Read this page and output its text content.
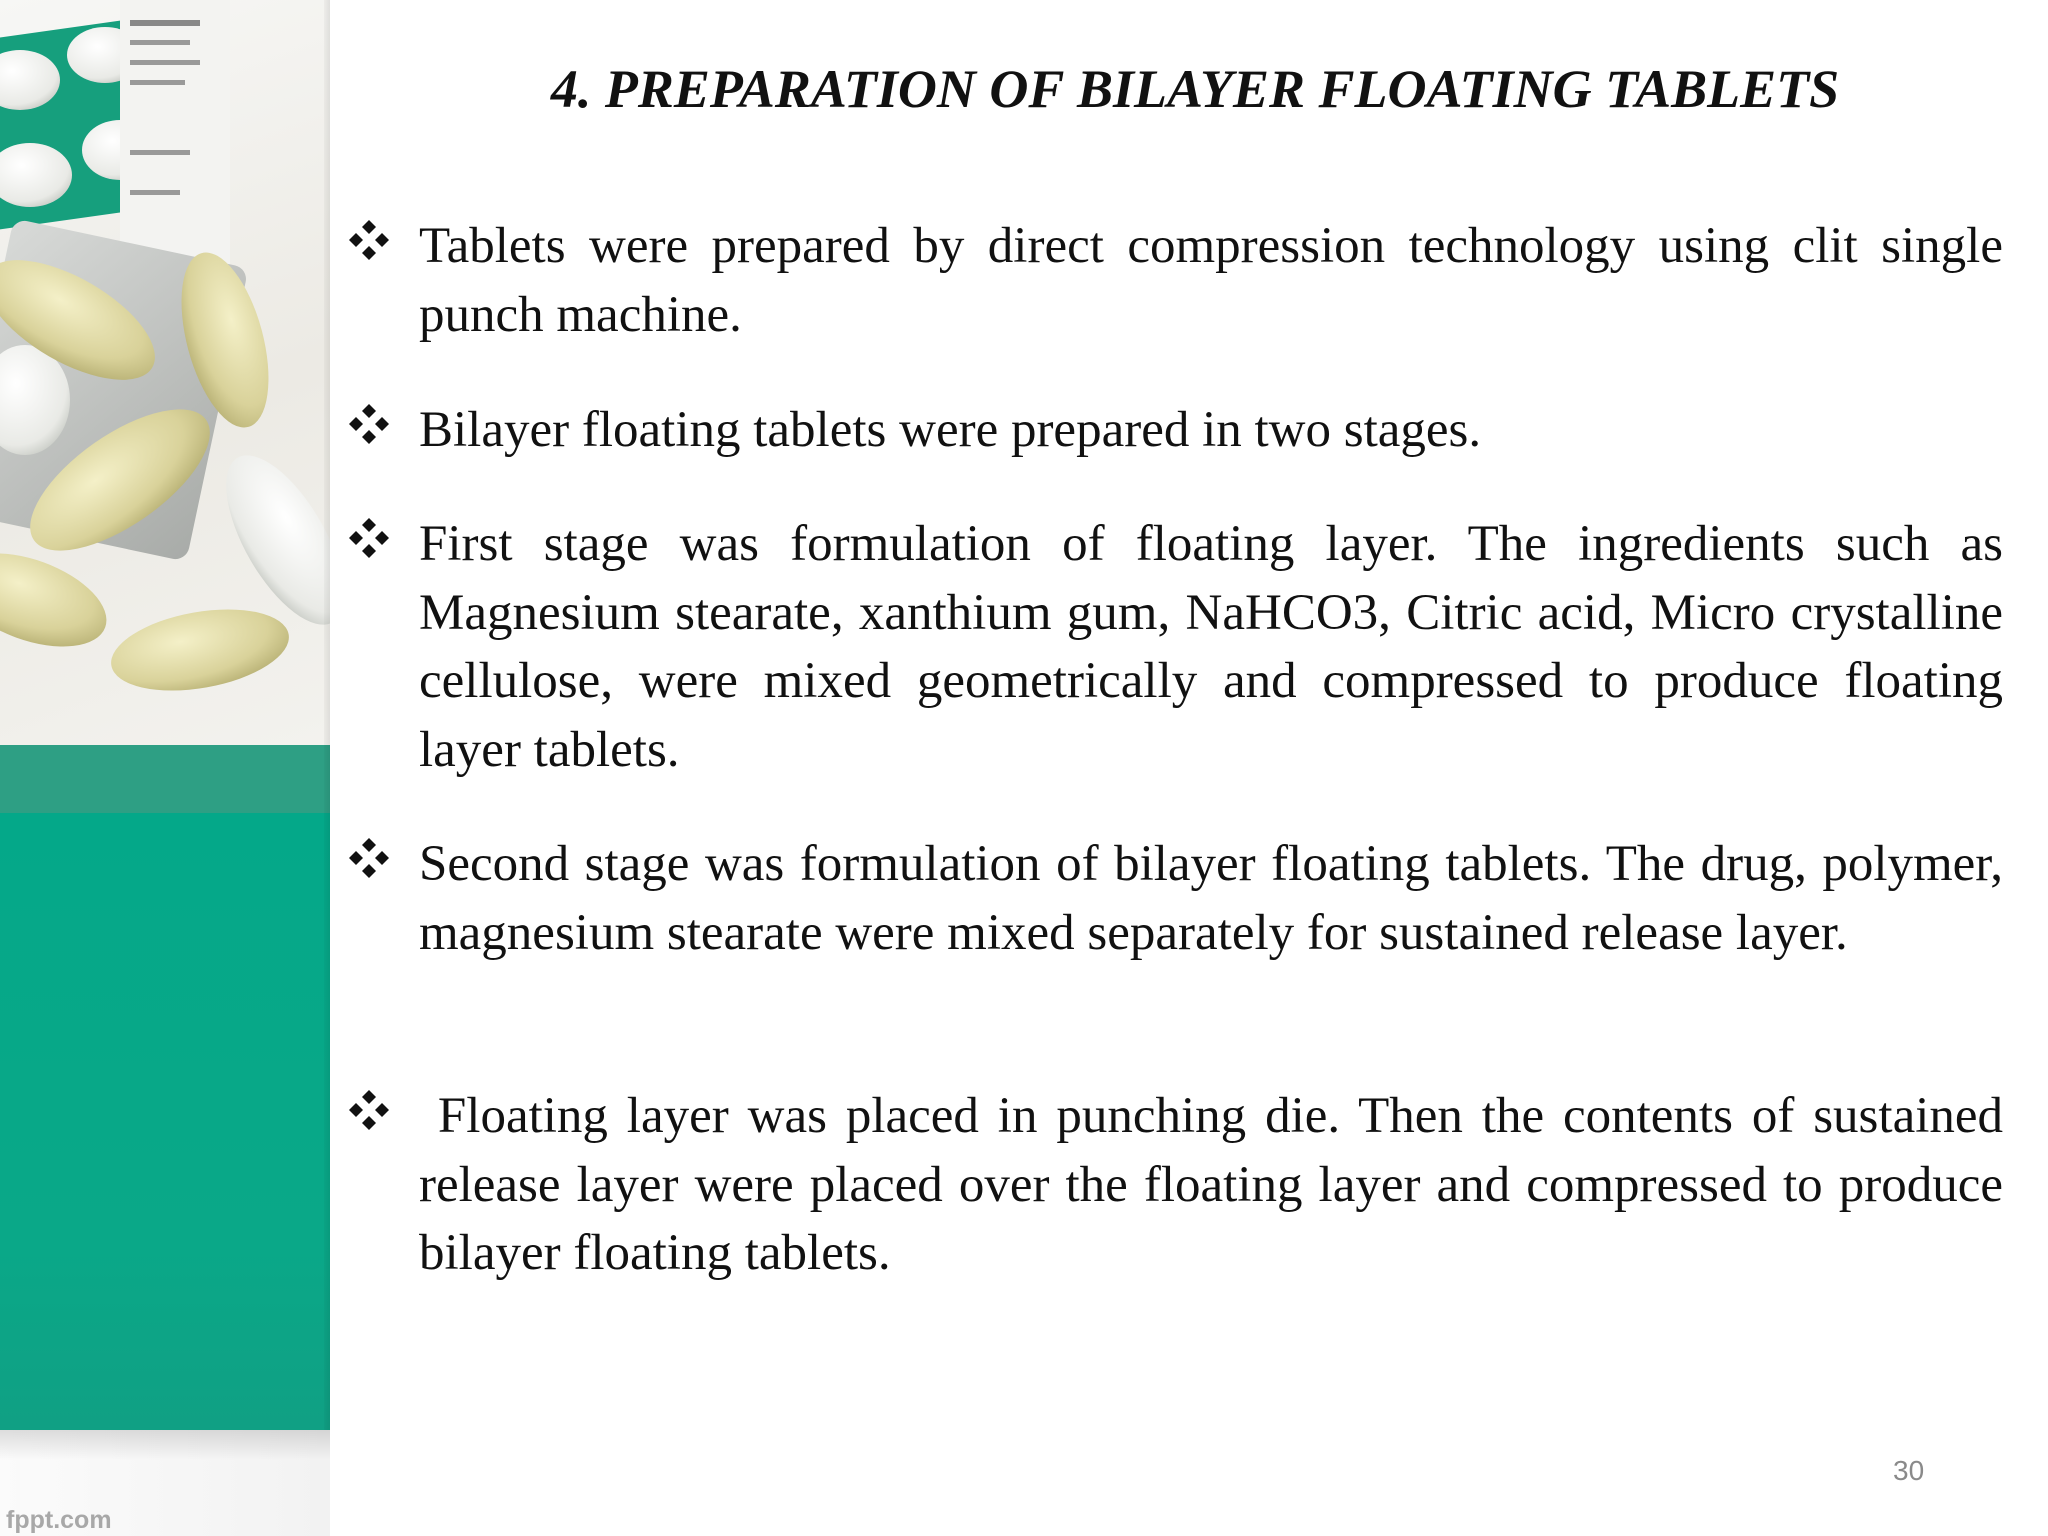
4. PREPARATION OF BILAYER FLOATING TABLETS

Tablets were prepared by direct compression technology using clit single punch machine.

Bilayer floating tablets were prepared in two stages.

First stage was formulation of floating layer. The ingredients such as Magnesium stearate, xanthium gum, NaHCO3, Citric acid, Micro crystalline cellulose, were mixed geometrically and compressed to produce floating layer tablets.

Second stage was formulation of bilayer floating tablets. The drug, polymer, magnesium stearate were mixed separately for sustained release layer.

Floating layer was placed in punching die. Then the contents of sustained release layer were placed over the floating layer and compressed to produce bilayer floating tablets.

30
fppt.com
